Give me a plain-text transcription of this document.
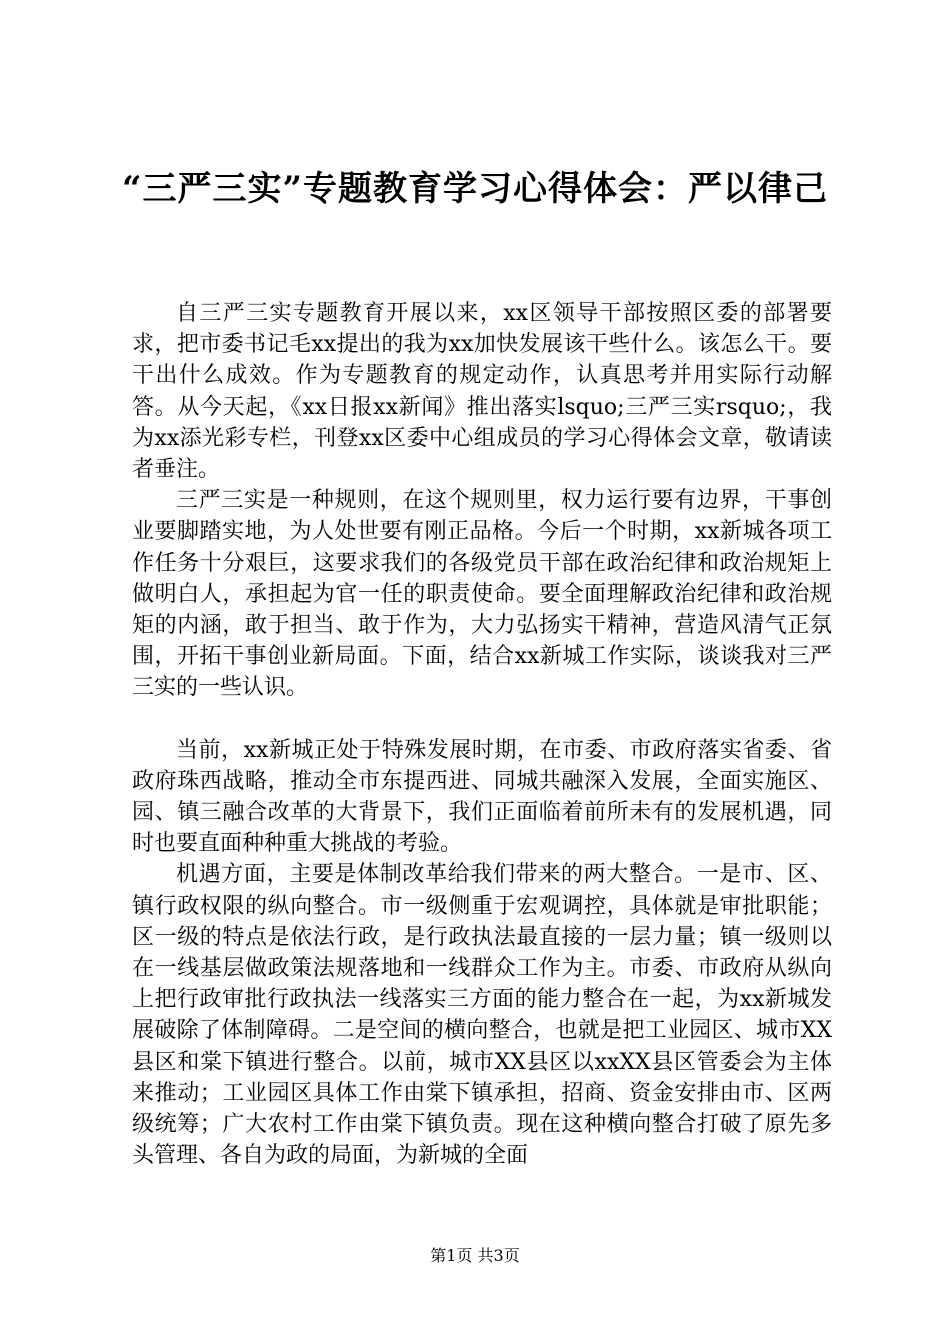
“三严三实”专题教育学习心得体会：严以律己

自三严三实专题教育开展以来，xx区领导干部按照区委的部署要求，把市委书记毛xx提出的我为xx加快发展该干些什么。该怎么干。要干出什么成效。作为专题教育的规定动作，认真思考并用实际行动解答。从今天起，《xx日报xx新闻》推出落实lsquo;三严三实rsquo;，我为xx添光彩专栏，刊登xx区委中心组成员的学习心得体会文章，敬请读者垂注。

三严三实是一种规则，在这个规则里，权力运行要有边界，干事创业要脚踏实地，为人处世要有刚正品格。今后一个时期，xx新城各项工作任务十分艰巨，这要求我们的各级党员干部在政治纪律和政治规矩上做明白人，承担起为官一任的职责使命。要全面理解政治纪律和政治规矩的内涵，敢于担当、敢于作为，大力弘扬实干精神，营造风清气正氛围，开拓干事创业新局面。下面，结合xx新城工作实际，谈谈我对三严三实的一些认识。

当前，xx新城正处于特殊发展时期，在市委、市政府落实省委、省政府珠西战略，推动全市东提西进、同城共融深入发展，全面实施区、园、镇三融合改革的大背景下，我们正面临着前所未有的发展机遇，同时也要直面种种重大挑战的考验。

机遇方面，主要是体制改革给我们带来的两大整合。一是市、区、镇行政权限的纵向整合。市一级侧重于宏观调控，具体就是审批职能；区一级的特点是依法行政，是行政执法最直接的一层力量；镇一级则以在一线基层做政策法规落地和一线群众工作为主。市委、市政府从纵向上把行政审批行政执法一线落实三方面的能力整合在一起，为xx新城发展破除了体制障碍。二是空间的横向整合，也就是把工业园区、城市XX县区和棠下镇进行整合。以前，城市XX县区以xxXX县区管委会为主体来推动；工业园区具体工作由棠下镇承担，招商、资金安排由市、区两级统筹；广大农村工作由棠下镇负责。现在这种横向整合打破了原先多头管理、各自为政的局面，为新城的全面

第1页 共3页
